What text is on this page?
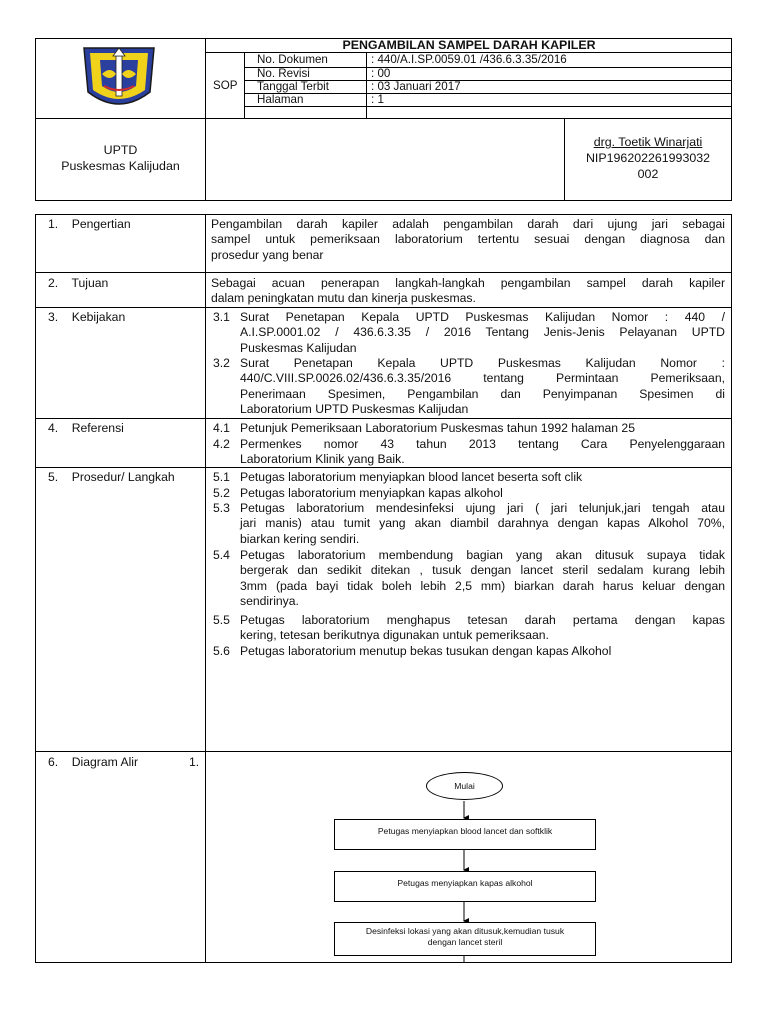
PENGAMBILAN SAMPEL DARAH KAPILER
SOP
No. Dokumen	: 440/A.I.SP.0059.01 /436.6.3.35/2016
No. Revisi	: 00
Tanggal Terbit	: 03 Januari 2017
Halaman	: 1
UPTD
Puskesmas Kalijudan
drg. Toetik Winarjati
NIP196202261993032
002
1.    Pengertian	Pengambilan darah kapiler adalah pengambilan darah dari ujung jari sebagai
sampel untuk pemeriksaan laboratorium tertentu sesuai dengan diagnosa dan
prosedur yang benar
2.    Tujuan	Sebagai acuan penerapan langkah-langkah pengambilan sampel darah kapiler
dalam peningkatan mutu dan kinerja puskesmas.
3.    Kebijakan	3.1 Surat Penetapan Kepala UPTD Puskesmas Kalijudan Nomor : 440 /
A.I.SP.0001.02 / 436.6.3.35 / 2016 Tentang Jenis-Jenis Pelayanan UPTD
Puskesmas Kalijudan
3.2 Surat Penetapan Kepala UPTD Puskesmas Kalijudan Nomor :
440/C.VIII.SP.0026.02/436.6.3.35/2016 tentang Permintaan Pemeriksaan,
Penerimaan Spesimen, Pengambilan dan Penyimpanan Spesimen di
Laboratorium UPTD Puskesmas Kalijudan
4.    Referensi	4.1 Petunjuk Pemeriksaan Laboratorium Puskesmas tahun 1992 halaman 25
4.2 Permenkes nomor 43 tahun 2013 tentang Cara Penyelenggaraan
Laboratorium Klinik yang Baik.
5.    Prosedur/ Langkah	5.1 Petugas laboratorium menyiapkan blood lancet beserta soft clik
5.2 Petugas laboratorium menyiapkan kapas alkohol
5.3 Petugas laboratorium mendesinfeksi ujung jari ( jari telunjuk,jari tengah atau
jari manis) atau tumit yang akan diambil darahnya dengan kapas Alkohol 70%,
biarkan kering sendiri.
5.4 Petugas laboratorium membendung bagian yang akan ditusuk supaya tidak
bergerak dan sedikit ditekan , tusuk dengan lancet steril sedalam kurang lebih
3mm (pada bayi tidak boleh lebih 2,5 mm) biarkan darah harus keluar dengan
sendirinya.
5.5 Petugas laboratorium menghapus tetesan darah pertama dengan kapas
kering, tetesan berikutnya digunakan untuk pemeriksaan.
5.6 Petugas laboratorium menutup bekas tusukan dengan kapas Alkohol
6.    Diagram Alir	1.
Mulai
Petugas menyiapkan blood lancet dan softklik
Petugas menyiapkan kapas alkohol
Desinfeksi lokasi yang akan ditusuk,kemudian tusuk dengan lancet steril
